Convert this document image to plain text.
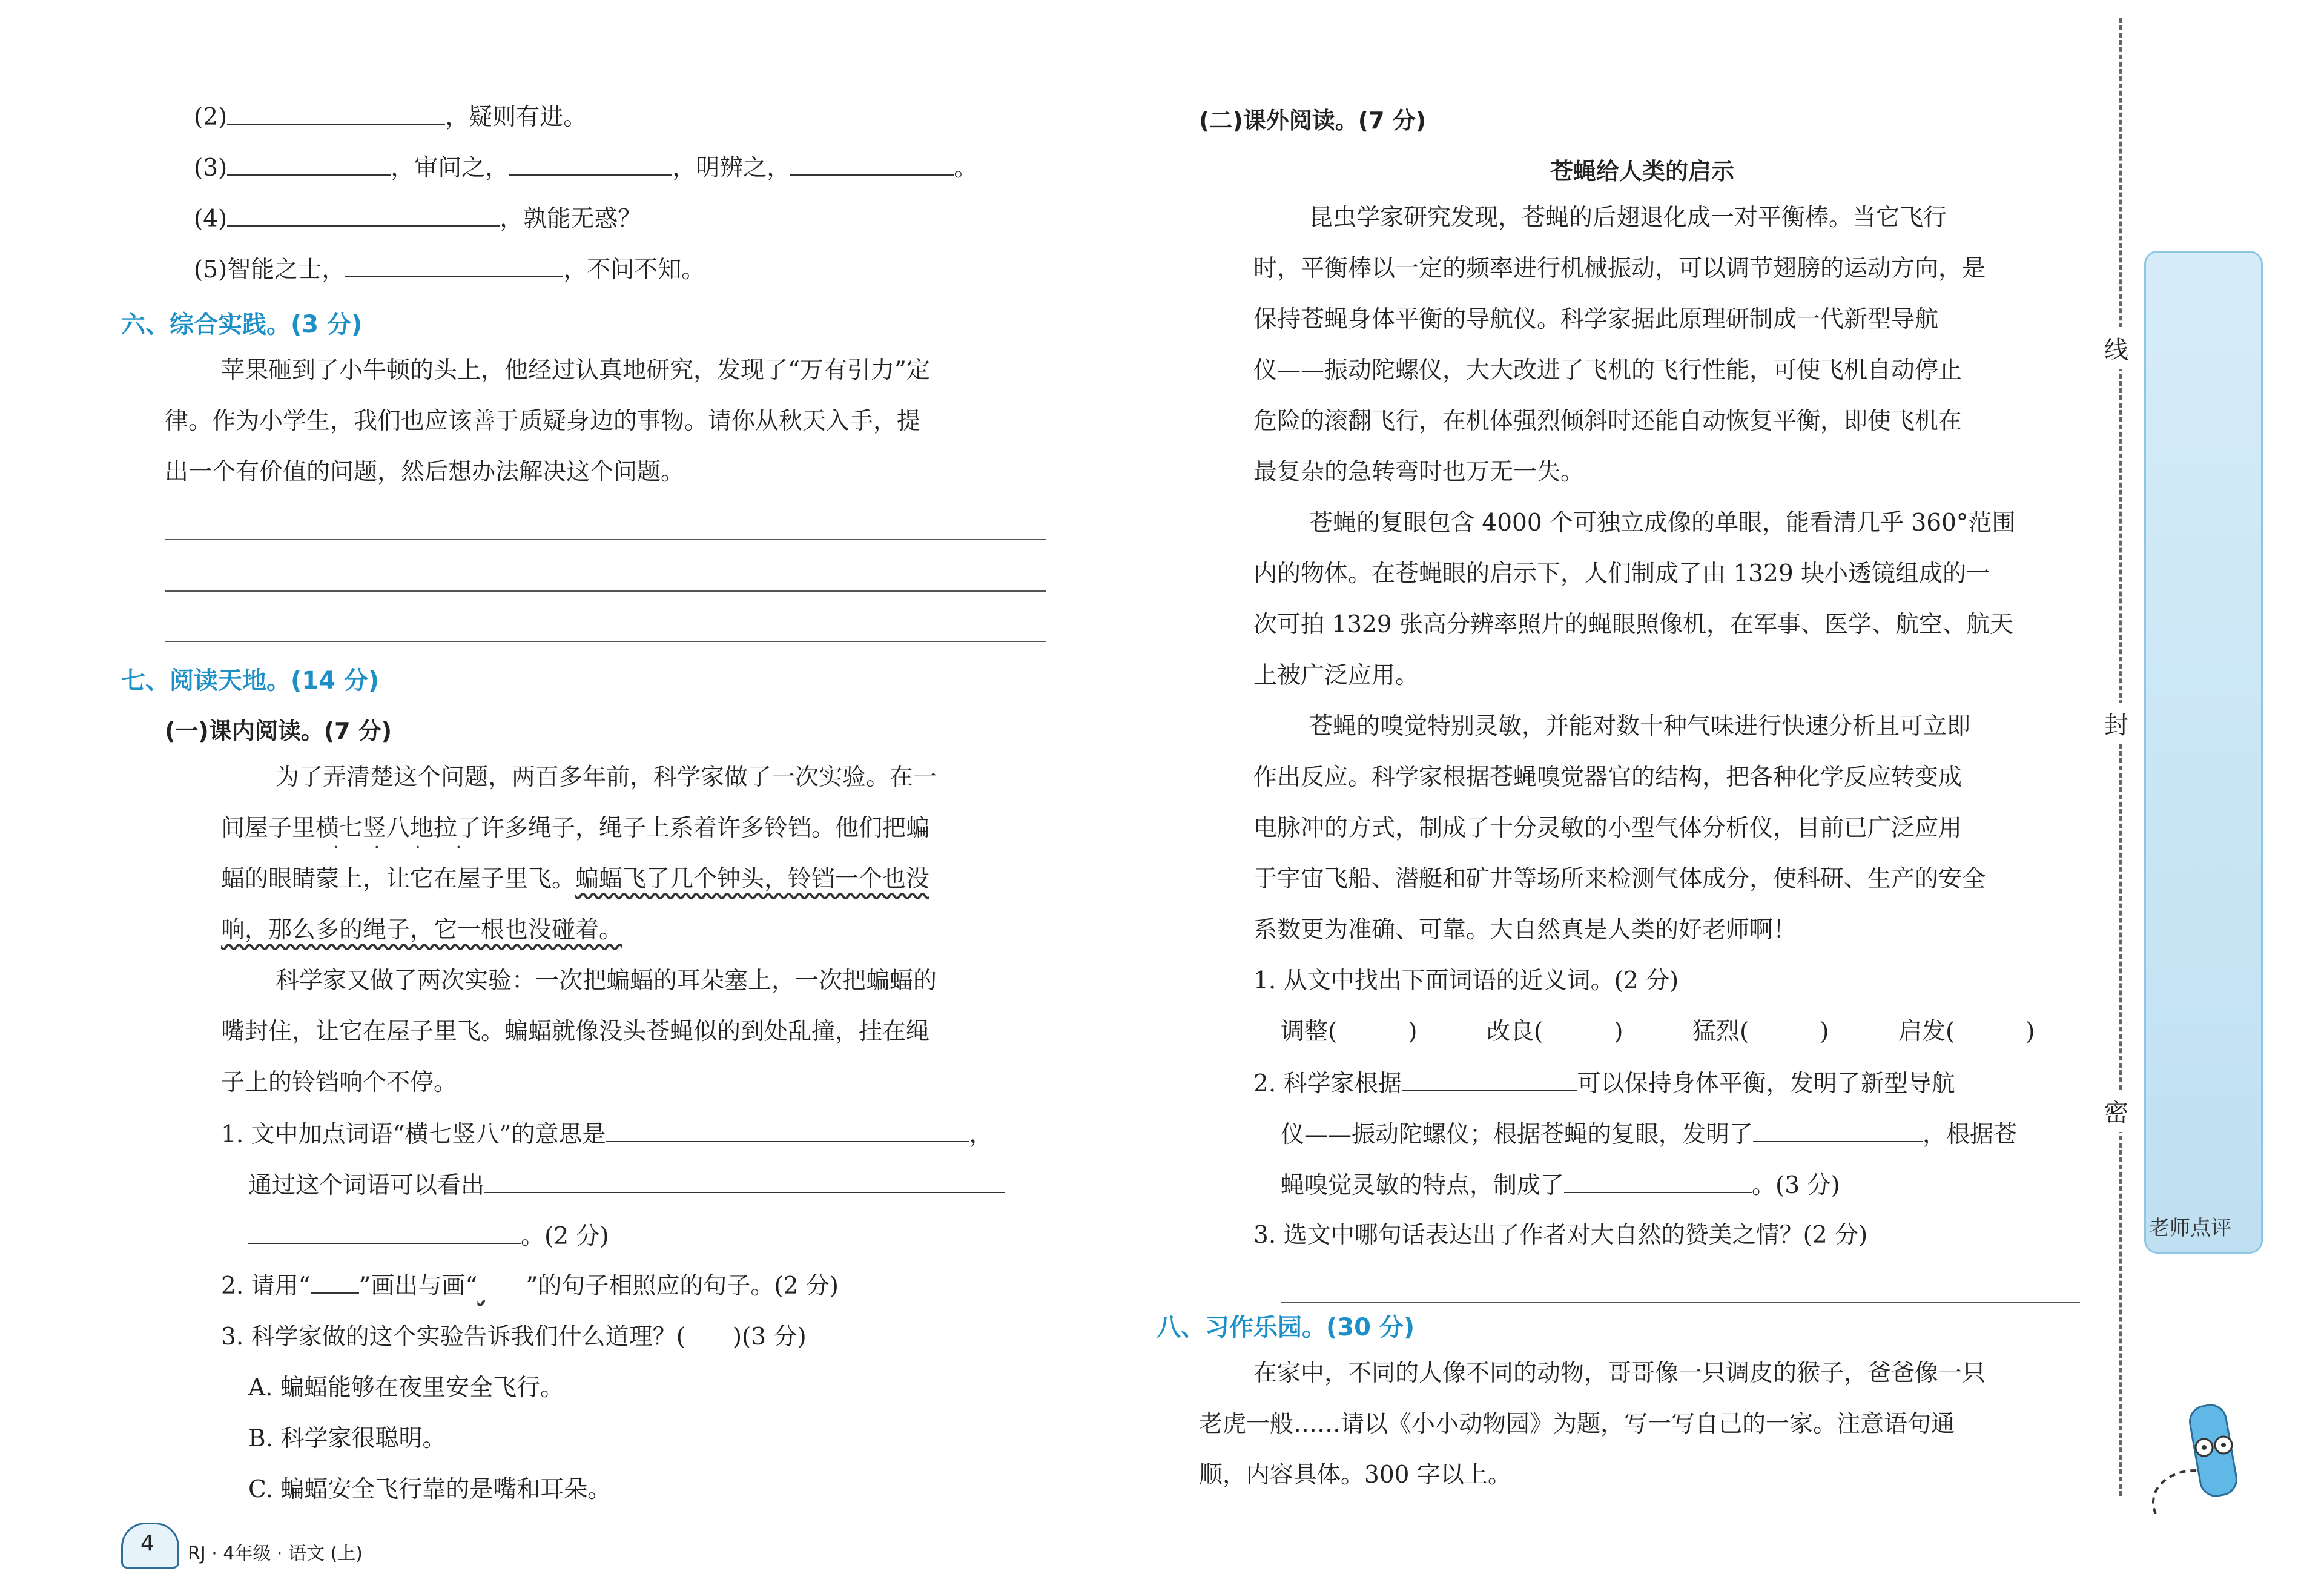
(2)	，疑则有进。
(3)	，审问之，	，明辨之，	。
(4)	，孰能无惑？
(5)智能之士，	，不问不知。
六、综合实践。(3 分)
苹果砸到了小牛顿的头上，他经过认真地研究，发现了“万有引力”定
律。作为小学生，我们也应该善于质疑身边的事物。请你从秋天入手，提
出一个有价值的问题，然后想办法解决这个问题。
七、阅读天地。(14 分)
(一)课内阅读。(7 分)
为了弄清楚这个问题，两百多年前，科学家做了一次实验。在一
间屋子里横七竖八地拉了许多绳子，绳子上系着许多铃铛。他们把蝙
····
蝠的眼睛蒙上，让它在屋子里飞。蝙蝠飞了几个钟头，铃铛一个也没
响，那么多的绳子，它一根也没碰着。
科学家又做了两次实验：一次把蝙蝠的耳朵塞上，一次把蝙蝠的
嘴封住，让它在屋子里飞。蝙蝠就像没头苍蝇似的到处乱撞，挂在绳
子上的铃铛响个不停。
1. 文中加点词语“横七竖八”的意思是	，
通过这个词语可以看出
。(2 分)
2. 请用“ ”画出与画“ ”的句子相照应的句子。(2 分)
3. 科学家做的这个实验告诉我们什么道理？(　　)(3 分)
A. 蝙蝠能够在夜里安全飞行。
B. 科学家很聪明。
C. 蝙蝠安全飞行靠的是嘴和耳朵。
4 RJ · 4年级 · 语文 (上)
(二)课外阅读。(7 分)
苍蝇给人类的启示
昆虫学家研究发现，苍蝇的后翅退化成一对平衡棒。当它飞行
时，平衡棒以一定的频率进行机械振动，可以调节翅膀的运动方向，是
保持苍蝇身体平衡的导航仪。科学家据此原理研制成一代新型导航
仪——振动陀螺仪，大大改进了飞机的飞行性能，可使飞机自动停止
危险的滚翻飞行，在机体强烈倾斜时还能自动恢复平衡，即使飞机在
最复杂的急转弯时也万无一失。
苍蝇的复眼包含 4000 个可独立成像的单眼，能看清几乎 360°范围
内的物体。在苍蝇眼的启示下，人们制成了由 1329 块小透镜组成的一
次可拍 1329 张高分辨率照片的蝇眼照像机，在军事、医学、航空、航天
上被广泛应用。
苍蝇的嗅觉特别灵敏，并能对数十种气味进行快速分析且可立即
作出反应。科学家根据苍蝇嗅觉器官的结构，把各种化学反应转变成
电脉冲的方式，制成了十分灵敏的小型气体分析仪，目前已广泛应用
于宇宙飞船、潜艇和矿井等场所来检测气体成分，使科研、生产的安全
系数更为准确、可靠。大自然真是人类的好老师啊！
1. 从文中找出下面词语的近义词。(2 分)
调整(　　　)	改良(　　　)	猛烈(　　　)	启发(　　　)
2. 科学家根据	可以保持身体平衡，发明了新型导航
仪——振动陀螺仪；根据苍蝇的复眼，发明了	，根据苍
蝇嗅觉灵敏的特点，制成了	。(3 分)
3. 选文中哪句话表达出了作者对大自然的赞美之情？(2 分)
八、习作乐园。(30 分)
在家中，不同的人像不同的动物，哥哥像一只调皮的猴子，爸爸像一只
老虎一般……请以《小小动物园》为题，写一写自己的一家。注意语句通
顺，内容具体。300 字以上。
线
封
密
老师点评
